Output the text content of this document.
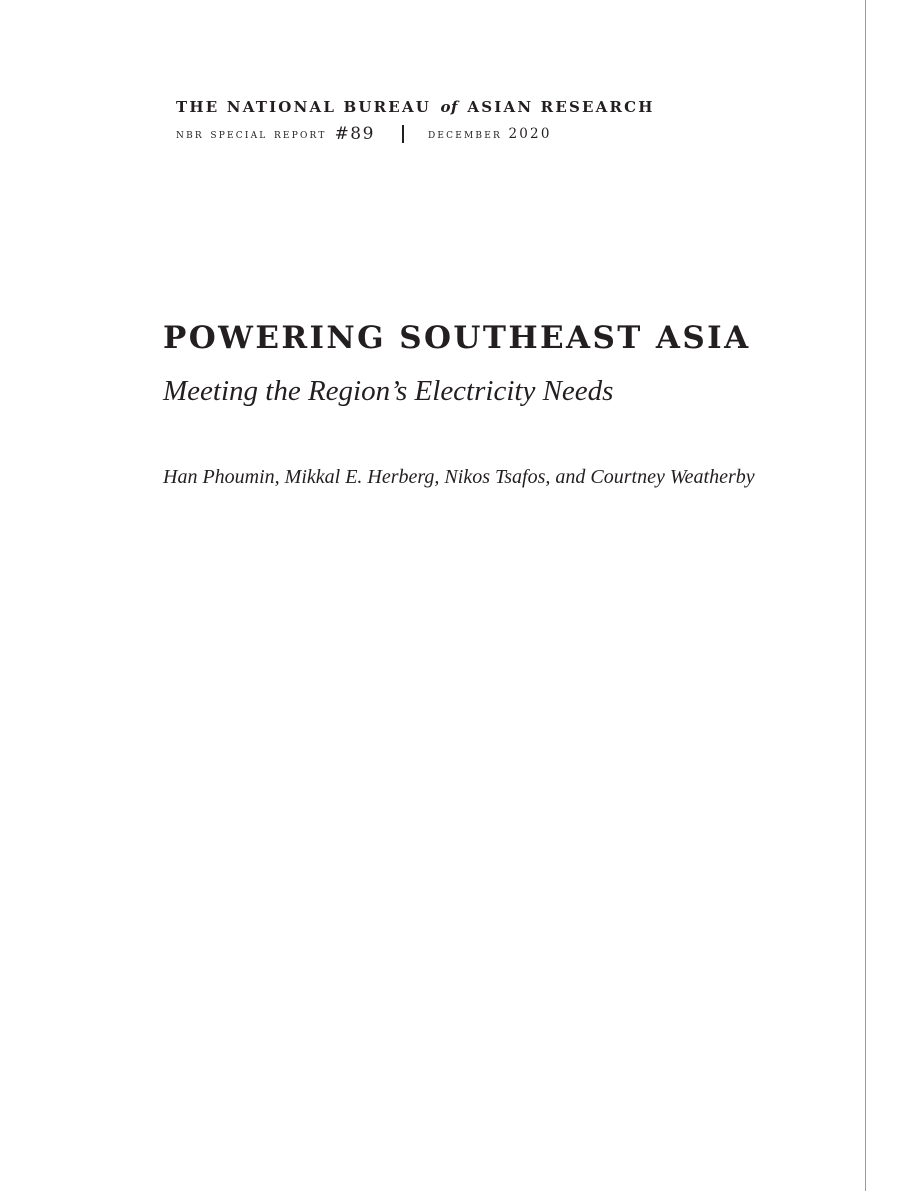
THE NATIONAL BUREAU of ASIAN RESEARCH
nbr special report #89	december 2020
POWERING SOUTHEAST ASIA
Meeting the Region’s Electricity Needs
Han Phoumin, Mikkal E. Herberg, Nikos Tsafos, and Courtney Weatherby
